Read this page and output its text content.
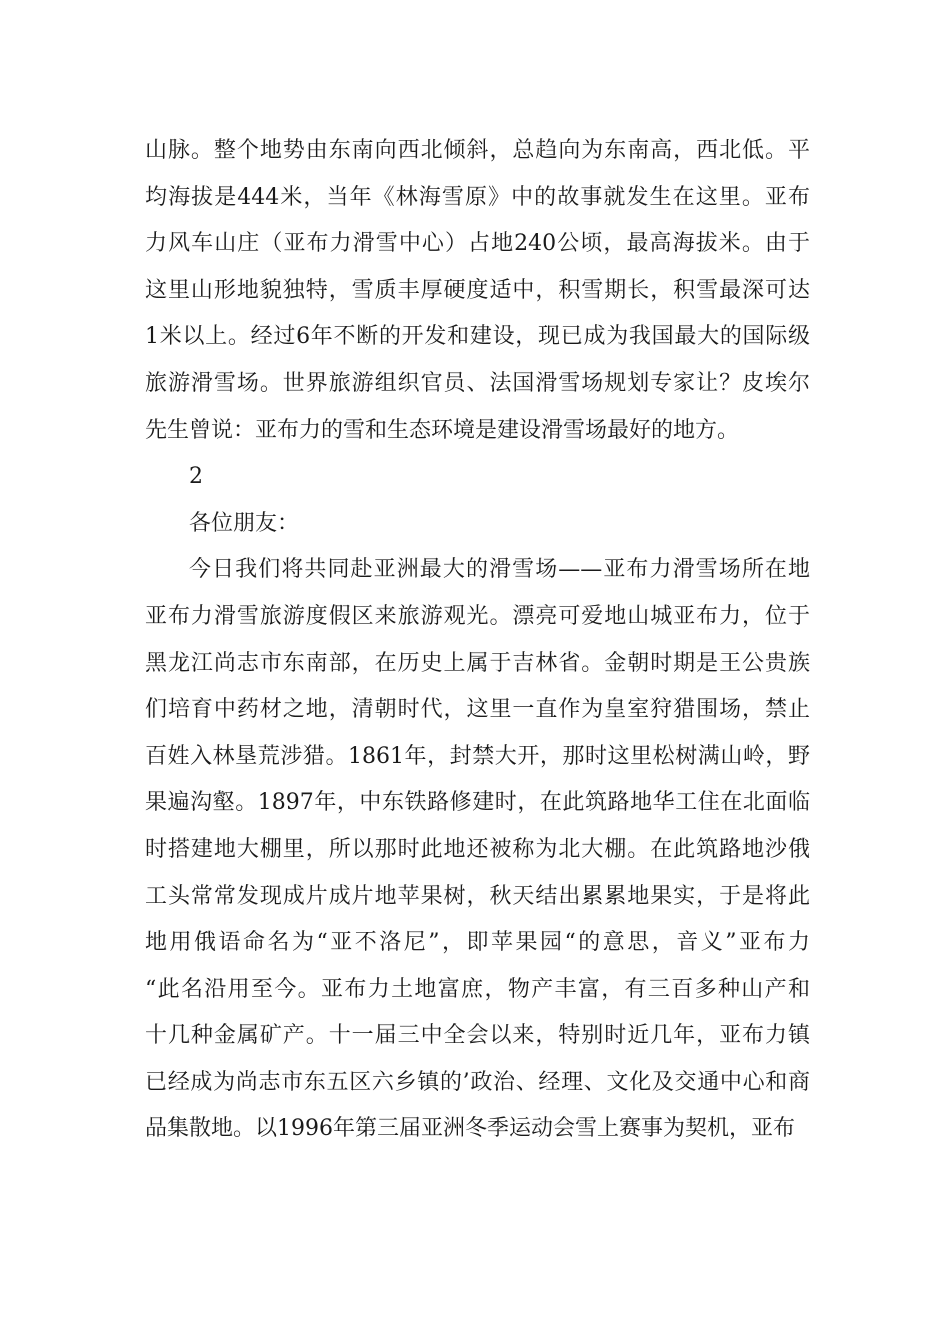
山脉。整个地势由东南向西北倾斜，总趋向为东南高，西北低。平
均海拔是444米，当年《林海雪原》中的故事就发生在这里。亚布
力风车山庄（亚布力滑雪中心）占地240公顷，最高海拔米。由于
这里山形地貌独特，雪质丰厚硬度适中，积雪期长，积雪最深可达
1米以上。经过6年不断的开发和建设，现已成为我国最大的国际级
旅游滑雪场。世界旅游组织官员、法国滑雪场规划专家让？皮埃尔
先生曾说：亚布力的雪和生态环境是建设滑雪场最好的地方。
2
各位朋友：
今日我们将共同赴亚洲最大的滑雪场——亚布力滑雪场所在地
亚布力滑雪旅游度假区来旅游观光。漂亮可爱地山城亚布力，位于
黑龙江尚志市东南部，在历史上属于吉林省。金朝时期是王公贵族
们培育中药材之地，清朝时代，这里一直作为皇室狩猎围场，禁止
百姓入林垦荒涉猎。1861年，封禁大开，那时这里松树满山岭，野
果遍沟壑。1897年，中东铁路修建时，在此筑路地华工住在北面临
时搭建地大棚里，所以那时此地还被称为北大棚。在此筑路地沙俄
工头常常发现成片成片地苹果树，秋天结出累累地果实，于是将此
地用俄语命名为“亚不洛尼”，即苹果园“的意思，音义”亚布力
“此名沿用至今。亚布力土地富庶，物产丰富，有三百多种山产和
十几种金属矿产。十一届三中全会以来，特别时近几年，亚布力镇
已经成为尚志市东五区六乡镇的’政治、经理、文化及交通中心和商
品集散地。以1996年第三届亚洲冬季运动会雪上赛事为契机，亚布
